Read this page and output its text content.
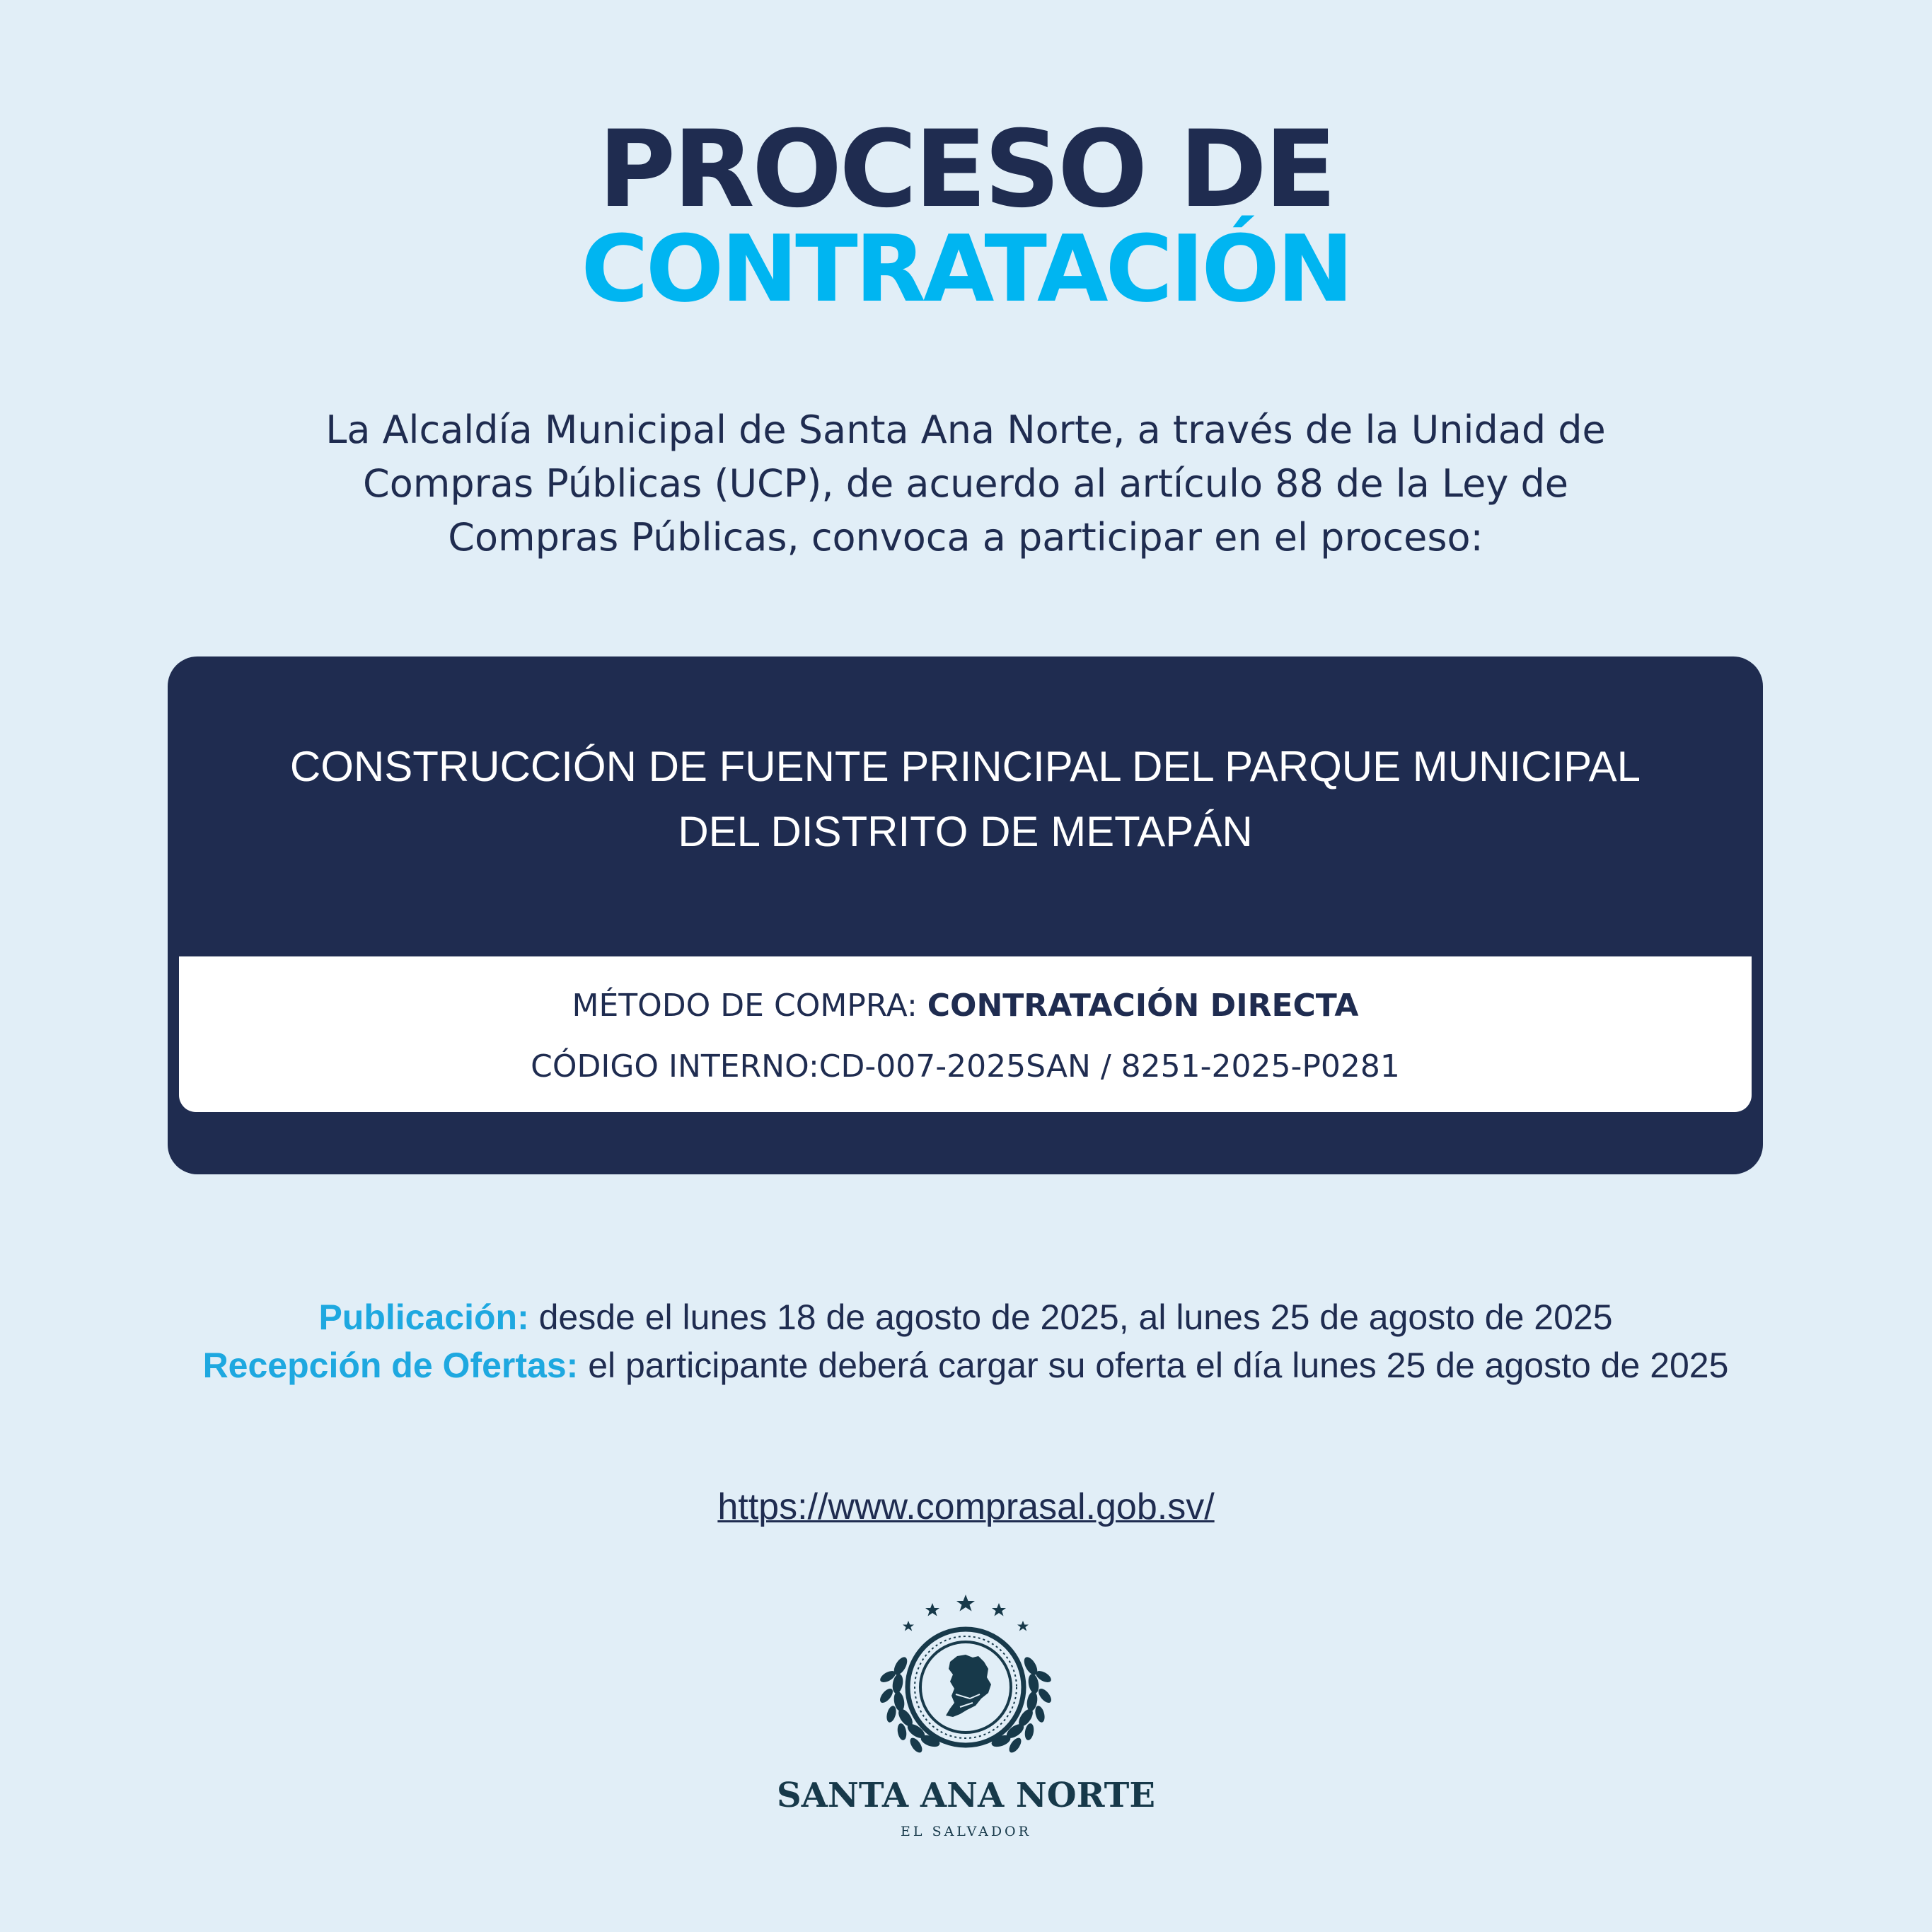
PROCESO DE
CONTRATACIÓN
La Alcaldía Municipal de Santa Ana Norte, a través de la Unidad de
Compras Públicas (UCP), de acuerdo al artículo 88 de la Ley de
Compras Públicas, convoca a participar en el proceso:
CONSTRUCCIÓN DE FUENTE PRINCIPAL DEL PARQUE MUNICIPAL
DEL DISTRITO DE METAPÁN
MÉTODO DE COMPRA: CONTRATACIÓN DIRECTA
CÓDIGO INTERNO:CD-007-2025SAN / 8251-2025-P0281

Publicación: desde el lunes 18 de agosto de 2025, al lunes 25 de agosto de 2025

Recepción de Ofertas: el participante deberá cargar su oferta el día lunes 25 de agosto de 2025

https://www.comprasal.gob.sv/
SANTA ANA NORTE
EL SALVADOR
